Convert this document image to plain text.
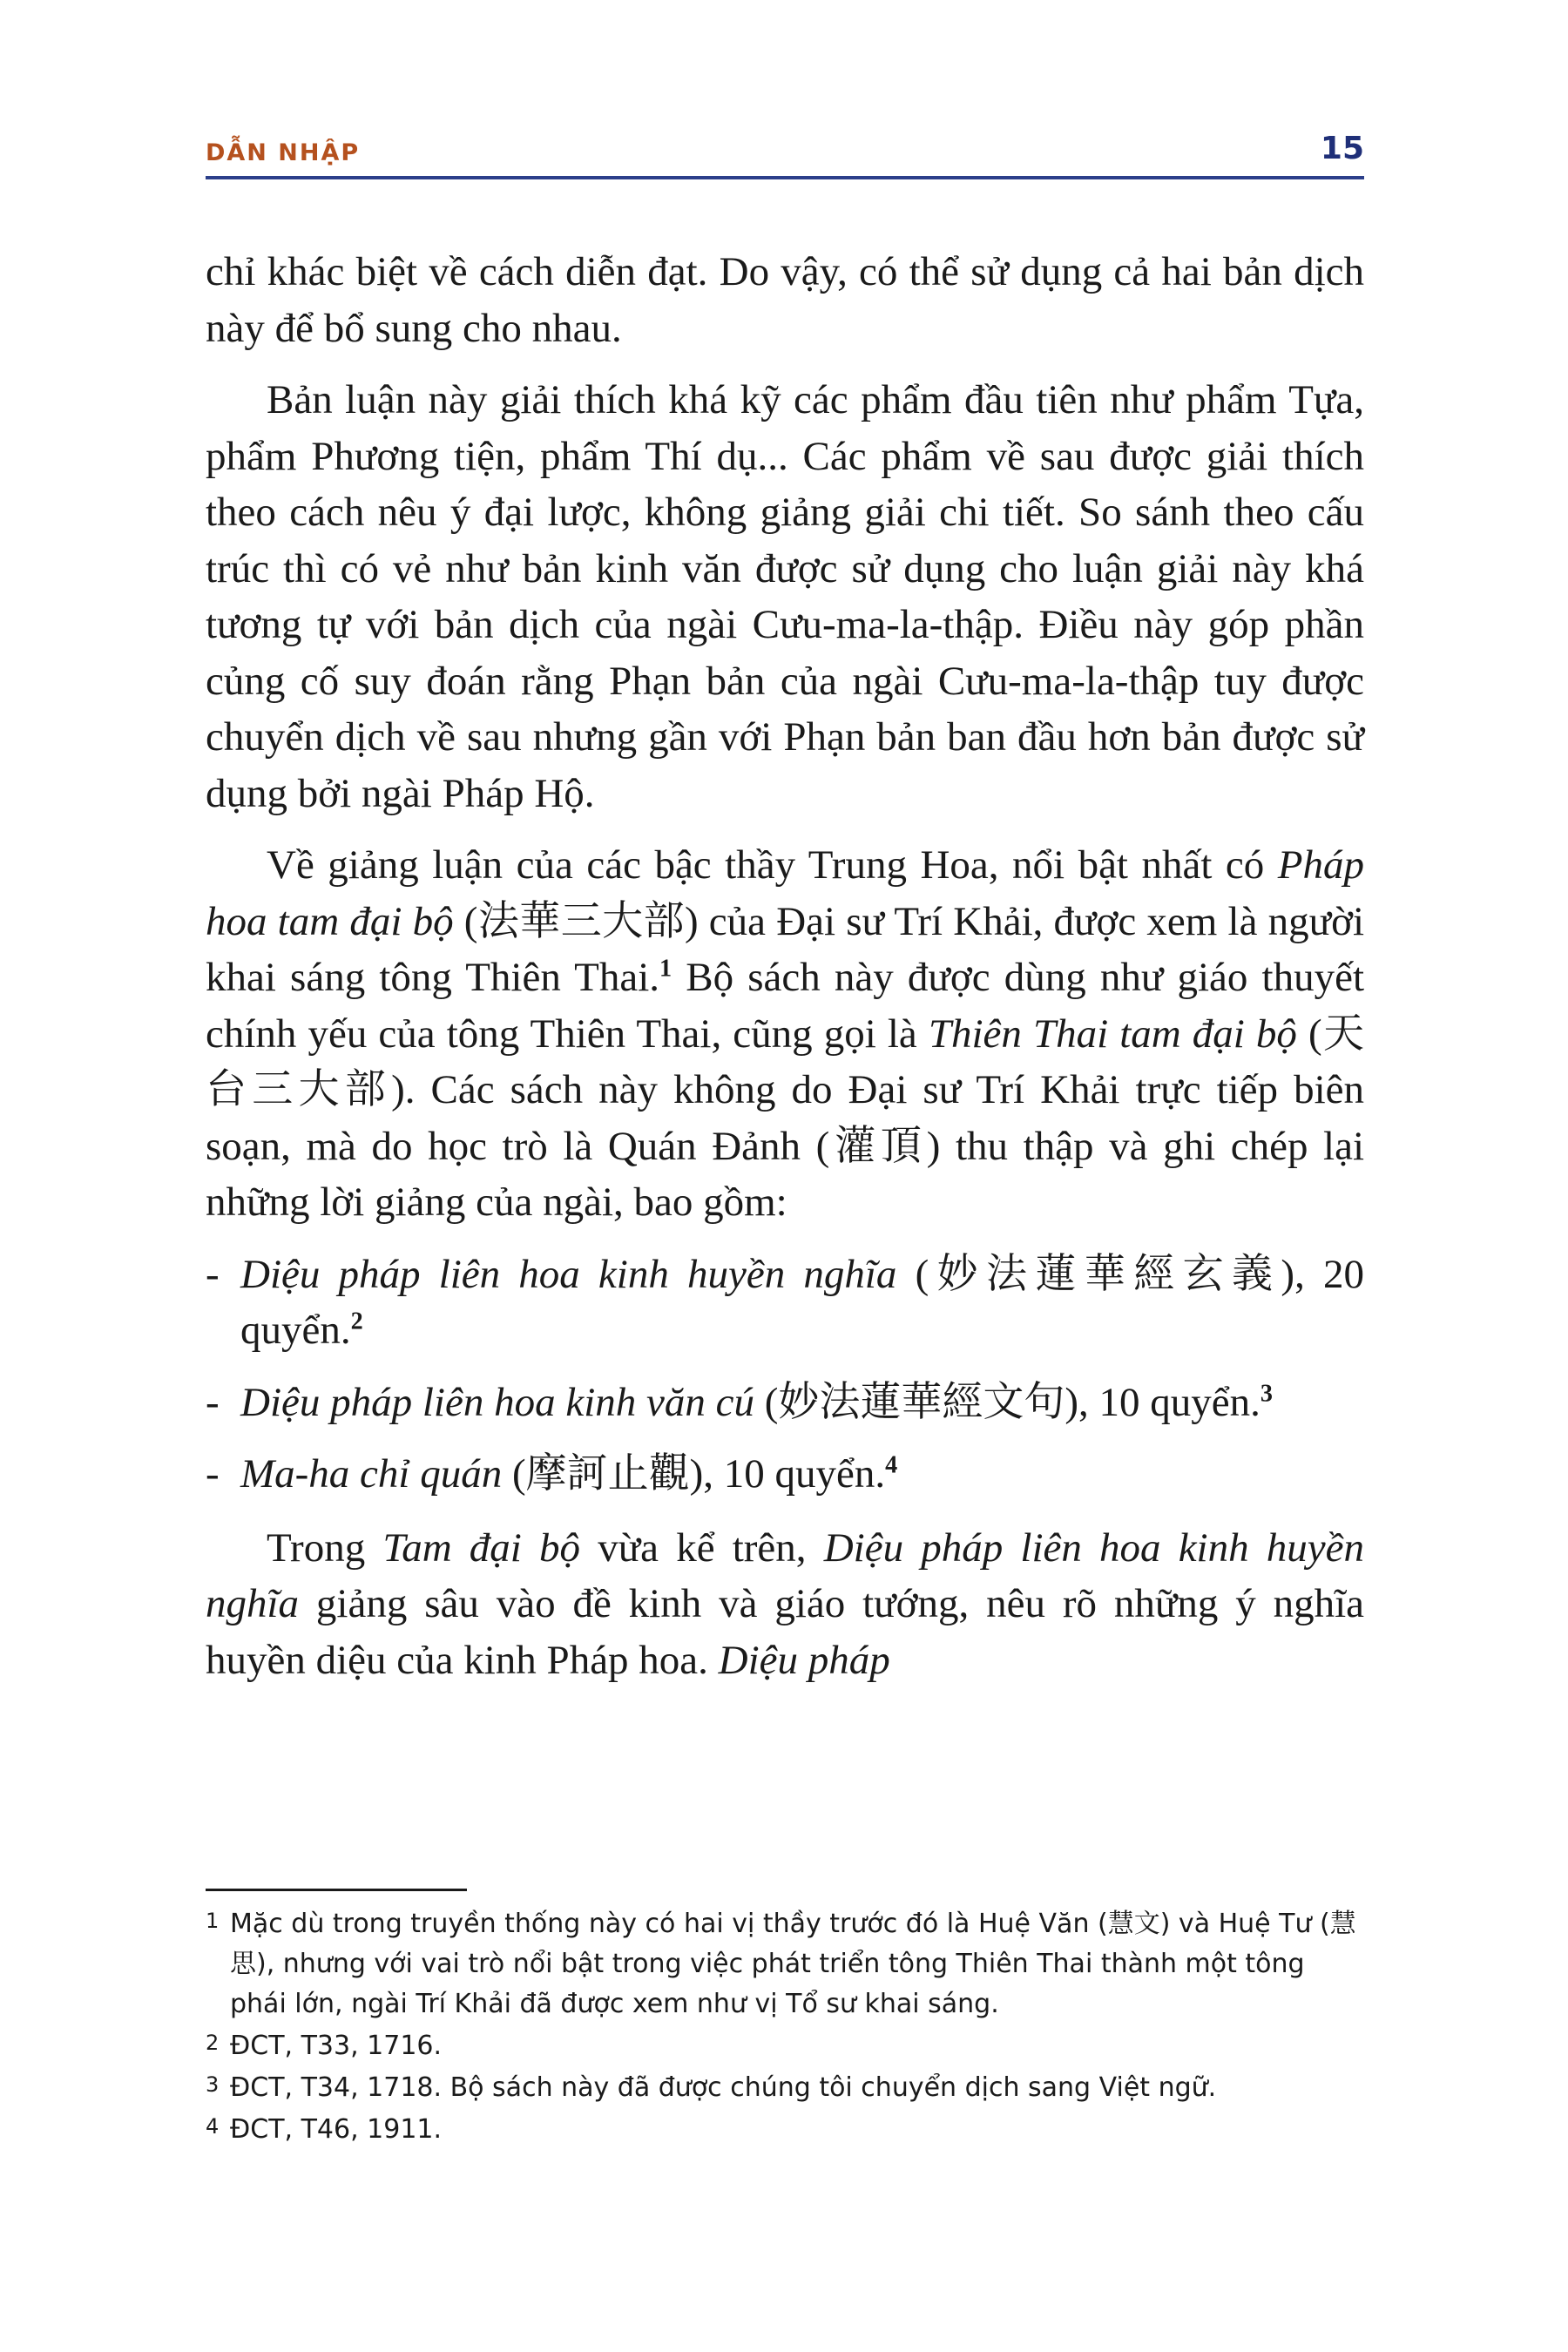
DẪN NHẬP	15

chỉ khác biệt về cách diễn đạt. Do vậy, có thể sử dụng cả hai bản dịch này để bổ sung cho nhau.

Bản luận này giải thích khá kỹ các phẩm đầu tiên như phẩm Tựa, phẩm Phương tiện, phẩm Thí dụ... Các phẩm về sau được giải thích theo cách nêu ý đại lược, không giảng giải chi tiết. So sánh theo cấu trúc thì có vẻ như bản kinh văn được sử dụng cho luận giải này khá tương tự với bản dịch của ngài Cưu-ma-la-thập. Điều này góp phần củng cố suy đoán rằng Phạn bản của ngài Cưu-ma-la-thập tuy được chuyển dịch về sau nhưng gần với Phạn bản ban đầu hơn bản được sử dụng bởi ngài Pháp Hộ.

Về giảng luận của các bậc thầy Trung Hoa, nổi bật nhất có Pháp hoa tam đại bộ (法華三大部) của Đại sư Trí Khải, được xem là người khai sáng tông Thiên Thai.$^1$ Bộ sách này được dùng như giáo thuyết chính yếu của tông Thiên Thai, cũng gọi là Thiên Thai tam đại bộ (天台三大部). Các sách này không do Đại sư Trí Khải trực tiếp biên soạn, mà do học trò là Quán Đảnh (灌頂) thu thập và ghi chép lại những lời giảng của ngài, bao gồm:

- Diệu pháp liên hoa kinh huyền nghĩa (妙法蓮華經玄義), 20 quyển.$^2$

- Diệu pháp liên hoa kinh văn cú (妙法蓮華經文句), 10 quyển.$^3$

- Ma-ha chỉ quán (摩訶止觀), 10 quyển.$^4$

Trong Tam đại bộ vừa kể trên, Diệu pháp liên hoa kinh huyền nghĩa giảng sâu vào đề kinh và giáo tướng, nêu rõ những ý nghĩa huyền diệu của kinh Pháp hoa. Diệu pháp

1 Mặc dù trong truyền thống này có hai vị thầy trước đó là Huệ Văn (慧文) và Huệ Tư (慧思), nhưng với vai trò nổi bật trong việc phát triển tông Thiên Thai thành một tông phái lớn, ngài Trí Khải đã được xem như vị Tổ sư khai sáng.

2 ĐCT, T33, 1716.

3 ĐCT, T34, 1718. Bộ sách này đã được chúng tôi chuyển dịch sang Việt ngữ.

4 ĐCT, T46, 1911.
